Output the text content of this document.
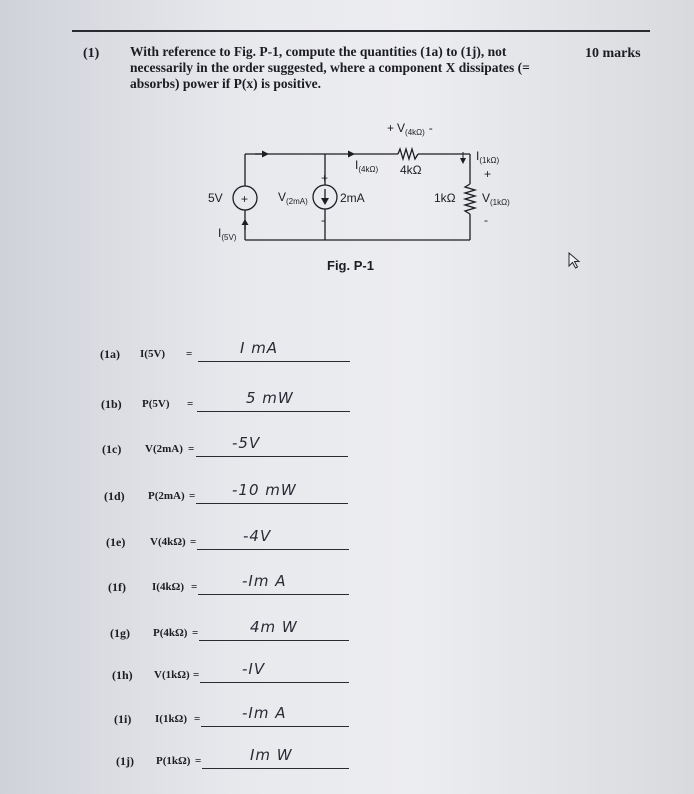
(1) With reference to Fig. P-1, compute the quantities (1a) to (1j), not necessarily in the order suggested, where a component X dissipates (= absorbs) power if P(x) is positive.
10 marks
+
5V
$I_{(5V)}$
+
-
$V_{(2mA)}$	2mA
+ $V_{(4k\Omega)}$ -
$I_{(4k\Omega)}$ 4kΩ
$I_{(1k\Omega)}$
+
$V_{(1k\Omega)}$
-
1kΩ
Fig. P-1
(1a) I(5V) =	I mA
(1b) P(5V) =	5 mW
(1c) V(2mA) =	-5V
(1d) P(2mA) = -10 mW
(1e) V(4kΩ) =	-4V
(1f) I(4kΩ) =	-Im A
(1g) P(4kΩ) =	4m W
(1h) V(1kΩ) =	-IV
(1i) I(1kΩ) =	-Im A
(1j) P(1kΩ) =	Im W
